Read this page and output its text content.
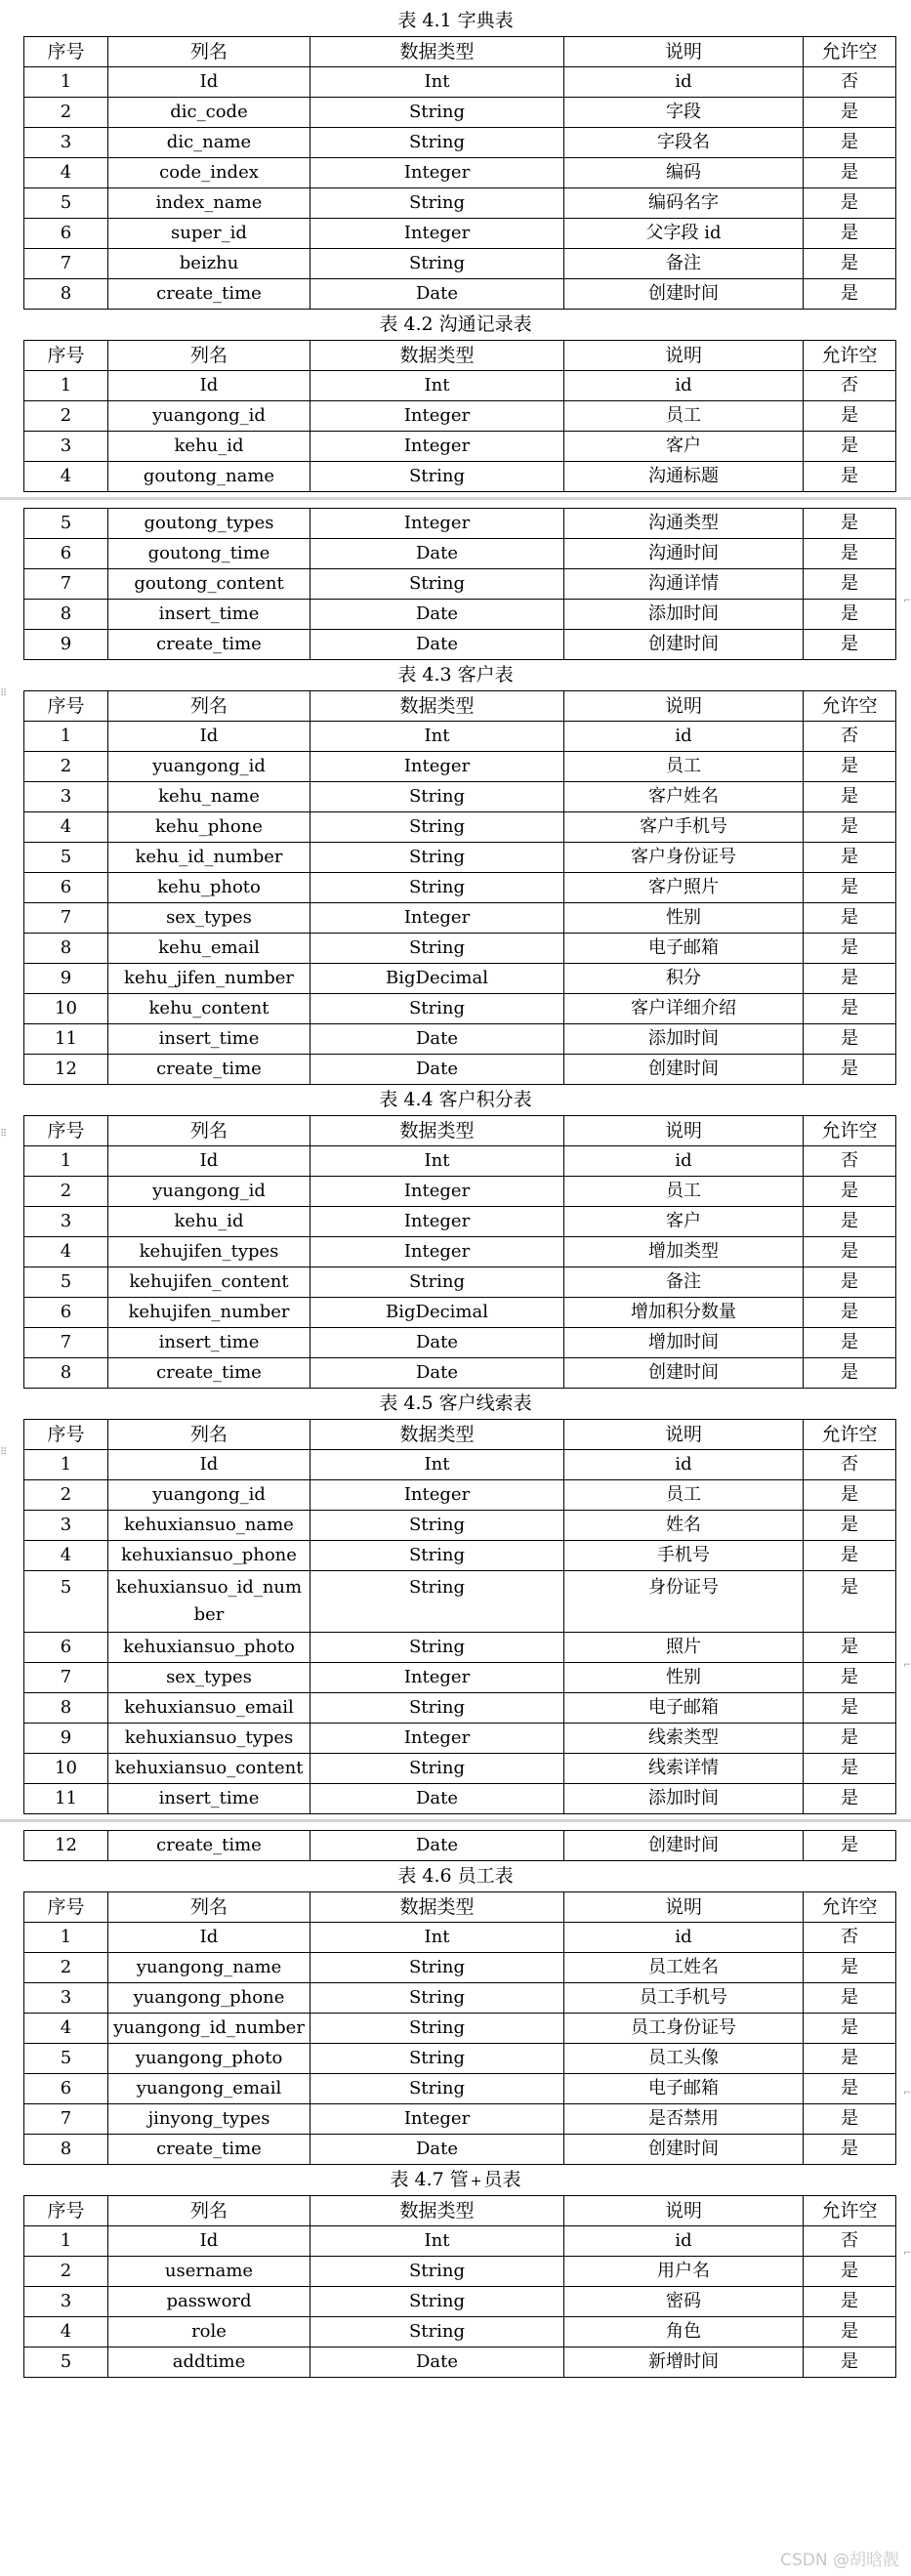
表 4.1 字典表
序号	列名	数据类型	说明	允许空
1	Id	Int	id	否
2	dic_code	String	字段	是
3	dic_name	String	字段名	是
4	code_index	Integer	编码	是
5	index_name	String	编码名字	是
6	super_id	Integer	父字段 id	是
7	beizhu	String	备注	是
8	create_time	Date	创建时间	是
表 4.2 沟通记录表
序号	列名	数据类型	说明	允许空
1	Id	Int	id	否
2	yuangong_id	Integer	员工	是
3	kehu_id	Integer	客户	是
4	goutong_name	String	沟通标题	是
5	goutong_types	Integer	沟通类型	是
6	goutong_time	Date	沟通时间	是
7	goutong_content	String	沟通详情	是
8	insert_time	Date	添加时间	是
9	create_time	Date	创建时间	是
表 4.3 客户表
序号	列名	数据类型	说明	允许空
1	Id	Int	id	否
2	yuangong_id	Integer	员工	是
3	kehu_name	String	客户姓名	是
4	kehu_phone	String	客户手机号	是
5	kehu_id_number	String	客户身份证号	是
6	kehu_photo	String	客户照片	是
7	sex_types	Integer	性别	是
8	kehu_email	String	电子邮箱	是
9	kehu_jifen_number	BigDecimal	积分	是
10	kehu_content	String	客户详细介绍	是
11	insert_time	Date	添加时间	是
12	create_time	Date	创建时间	是
表 4.4 客户积分表
序号	列名	数据类型	说明	允许空
1	Id	Int	id	否
2	yuangong_id	Integer	员工	是
3	kehu_id	Integer	客户	是
4	kehujifen_types	Integer	增加类型	是
5	kehujifen_content	String	备注	是
6	kehujifen_number	BigDecimal	增加积分数量	是
7	insert_time	Date	增加时间	是
8	create_time	Date	创建时间	是
表 4.5 客户线索表
序号	列名	数据类型	说明	允许空
1	Id	Int	id	否
2	yuangong_id	Integer	员工	是
3	kehuxiansuo_name	String	姓名	是
4	kehuxiansuo_phone	String	手机号	是
5	kehuxiansuo_id_num
ber	String	身份证号	是
6	kehuxiansuo_photo	String	照片	是
7	sex_types	Integer	性别	是
8	kehuxiansuo_email	String	电子邮箱	是
9	kehuxiansuo_types	Integer	线索类型	是
10	kehuxiansuo_content	String	线索详情	是
11	insert_time	Date	添加时间	是
12	create_time	Date	创建时间	是
表 4.6 员工表
序号	列名	数据类型	说明	允许空
1	Id	Int	id	否
2	yuangong_name	String	员工姓名	是
3	yuangong_phone	String	员工手机号	是
4	yuangong_id_number	String	员工身份证号	是
5	yuangong_photo	String	员工头像	是
6	yuangong_email	String	电子邮箱	是
7	jinyong_types	Integer	是否禁用	是
8	create_time	Date	创建时间	是
表 4.7 管 + 员表
序号	列名	数据类型	说明	允许空
1	Id	Int	id	否
2	username	String	用户名	是
3	password	String	密码	是
4	role	String	角色	是
5	addtime	Date	新增时间	是
⠿
⠿
⠿
⌐
⌐
⌐
⌐
CSDN @胡晗靓
